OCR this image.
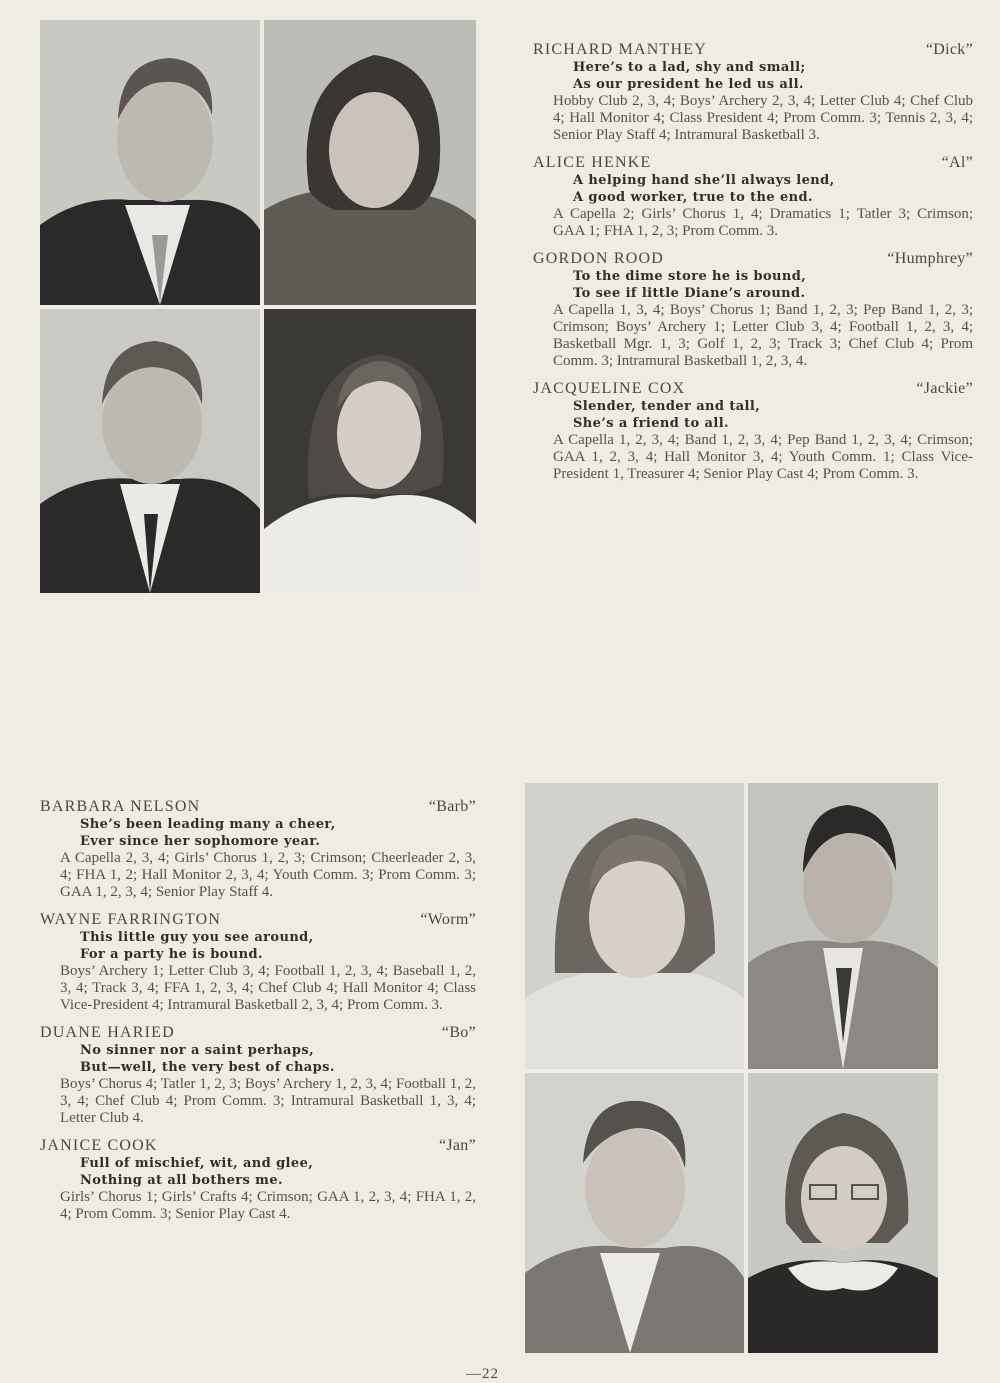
RICHARD MANTHEY	“Dick”
Here’s to a lad, shy and small;
As our president he led us all.
Hobby Club 2, 3, 4; Boys’ Archery 2, 3, 4; Letter Club 4; Chef Club 4; Hall Monitor 4; Class President 4; Prom Comm. 3; Tennis 2, 3, 4; Senior Play Staff 4; Intramural Basketball 3.
ALICE HENKE	“Al”
A helping hand she’ll always lend,
A good worker, true to the end.
A Capella 2; Girls’ Chorus 1, 4; Dramatics 1; Tatler 3; Crimson; GAA 1; FHA 1, 2, 3; Prom Comm. 3.
GORDON ROOD	“Humphrey”
To the dime store he is bound,
To see if little Diane’s around.
A Capella 1, 3, 4; Boys’ Chorus 1; Band 1, 2, 3; Pep Band 1, 2, 3; Crimson; Boys’ Archery 1; Letter Club 3, 4; Football 1, 2, 3, 4; Basketball Mgr. 1, 3; Golf 1, 2, 3; Track 3; Chef Club 4; Prom Comm. 3; Intramural Basketball 1, 2, 3, 4.
JACQUELINE COX	“Jackie”
Slender, tender and tall,
She’s a friend to all.
A Capella 1, 2, 3, 4; Band 1, 2, 3, 4; Pep Band 1, 2, 3, 4; Crimson; GAA 1, 2, 3, 4; Hall Monitor 3, 4; Youth Comm. 1; Class Vice-President 1, Treasurer 4; Senior Play Cast 4; Prom Comm. 3.
BARBARA NELSON	“Barb”
She’s been leading many a cheer,
Ever since her sophomore year.
A Capella 2, 3, 4; Girls’ Chorus 1, 2, 3; Crimson; Cheerleader 2, 3, 4; FHA 1, 2; Hall Monitor 2, 3, 4; Youth Comm. 3; Prom Comm. 3; GAA 1, 2, 3, 4; Senior Play Staff 4.
WAYNE FARRINGTON	“Worm”
This little guy you see around,
For a party he is bound.
Boys’ Archery 1; Letter Club 3, 4; Football 1, 2, 3, 4; Baseball 1, 2, 3, 4; Track 3, 4; FFA 1, 2, 3, 4; Chef Club 4; Hall Monitor 4; Class Vice-President 4; Intramural Basketball 2, 3, 4; Prom Comm. 3.
DUANE HARIED	“Bo”
No sinner nor a saint perhaps,
But—well, the very best of chaps.
Boys’ Chorus 4; Tatler 1, 2, 3; Boys’ Archery 1, 2, 3, 4; Football 1, 2, 3, 4; Chef Club 4; Prom Comm. 3; Intramural Basketball 1, 3, 4; Letter Club 4.
JANICE COOK	“Jan”
Full of mischief, wit, and glee,
Nothing at all bothers me.
Girls’ Chorus 1; Girls’ Crafts 4; Crimson; GAA 1, 2, 3, 4; FHA 1, 2, 4; Prom Comm. 3; Senior Play Cast 4.
—22
